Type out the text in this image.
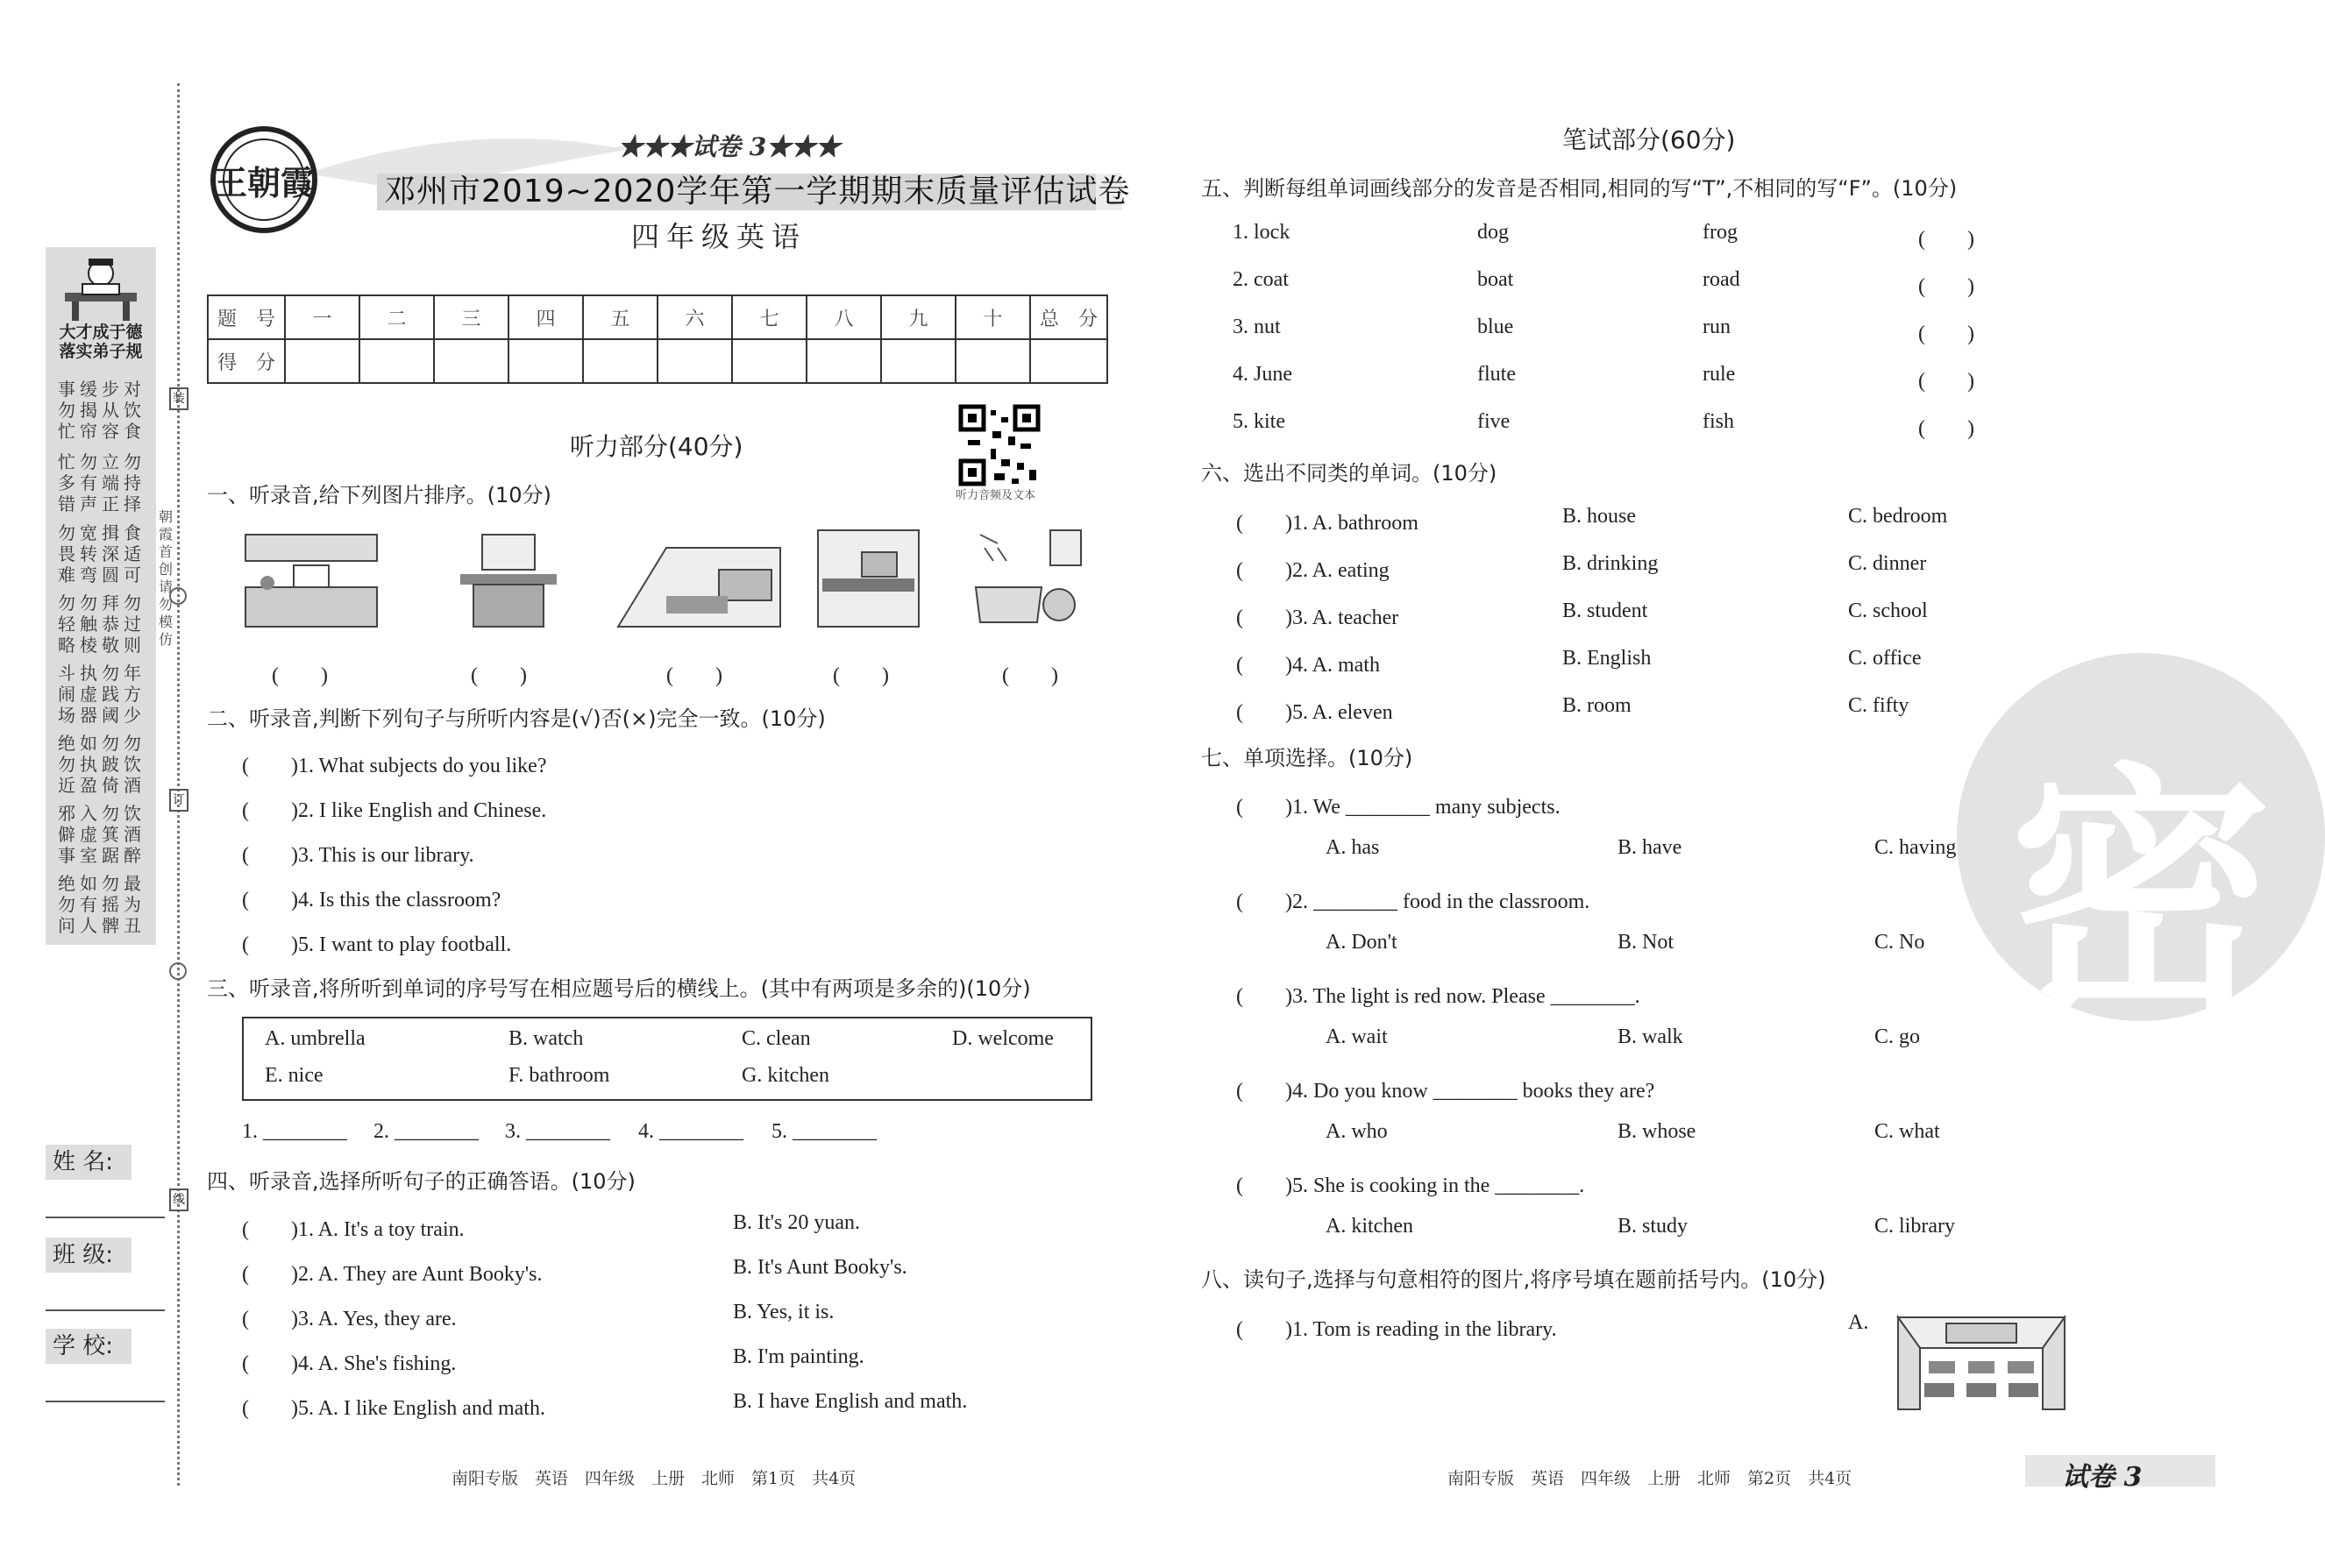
大才成于德
落实弟子规
事缓步对
勿揭从饮
忙帘容食
忙勿立勿
多有端持
错声正择
勿宽揖食
畏转深适
难弯圆可
勿勿拜勿
轻触恭过
略棱敬则
斗执勿年
闹虚践方
场器阈少
绝如勿勿
勿执跛饮
近盈倚酒
邪入勿饮
僻虚箕酒
事室踞醉
绝如勿最
勿有摇为
问人髀丑
装
订
线
朝霞首创 请勿模仿
姓 名:
班 级:
学 校:
王朝霞
★★★试卷 3★★★
邓州市2019~2020学年第一学期期末质量评估试卷
四年级英语
题　号	一	二	三	四	五	六	七	八	九	十	总　分
得　分											
听力部分(40分)
听力音频及文本
一、听录音,给下列图片排序。(10分)
(　　)	(　　)	(　　)	(　　)	(　　)
二、听录音,判断下列句子与所听内容是(√)否(×)完全一致。(10分)
(　　)1. What subjects do you like?
(　　)2. I like English and Chinese.
(　　)3. This is our library.
(　　)4. Is this the classroom?
(　　)5. I want to play football.
三、听录音,将所听到单词的序号写在相应题号后的横线上。(其中有两项是多余的)(10分)
A. umbrella	B. watch	C. clean	D. welcome
E. nice	F. bathroom	G. kitchen
1. ________ 2. ________ 3. ________ 4. ________ 5. ________
四、听录音,选择所听句子的正确答语。(10分)
(　　)1. A. It's a toy train.	B. It's 20 yuan.
(　　)2. A. They are Aunt Booky's.	B. It's Aunt Booky's.
(　　)3. A. Yes, they are.	B. Yes, it is.
(　　)4. A. She's fishing.	B. I'm painting.
(　　)5. A. I like English and math.	B. I have English and math.
南阳专版　英语　四年级　上册　北师　第1页　共4页
密
笔试部分(60分)
五、判断每组单词画线部分的发音是否相同,相同的写“T”,不相同的写“F”。(10分)
1. lock	dog	frog	(　　)
2. coat	boat	road	(　　)
3. nut	blue	run	(　　)
4. June	flute	rule	(　　)
5. kite	five	fish	(　　)
六、选出不同类的单词。(10分)
(　　)1. A. bathroom	B. house	C. bedroom
(　　)2. A. eating	B. drinking	C. dinner
(　　)3. A. teacher	B. student	C. school
(　　)4. A. math	B. English	C. office
(　　)5. A. eleven	B. room	C. fifty
七、单项选择。(10分)
(　　)1. We ________ many subjects.
A. has	B. have	C. having
(　　)2. ________ food in the classroom.
A. Don't	B. Not	C. No
(　　)3. The light is red now. Please ________.
A. wait	B. walk	C. go
(　　)4. Do you know ________ books they are?
A. who	B. whose	C. what
(　　)5. She is cooking in the ________.
A. kitchen	B. study	C. library
八、读句子,选择与句意相符的图片,将序号填在题前括号内。(10分)
(　　)1. Tom is reading in the library.	A.
南阳专版　英语　四年级　上册　北师　第2页　共4页	试卷 3
